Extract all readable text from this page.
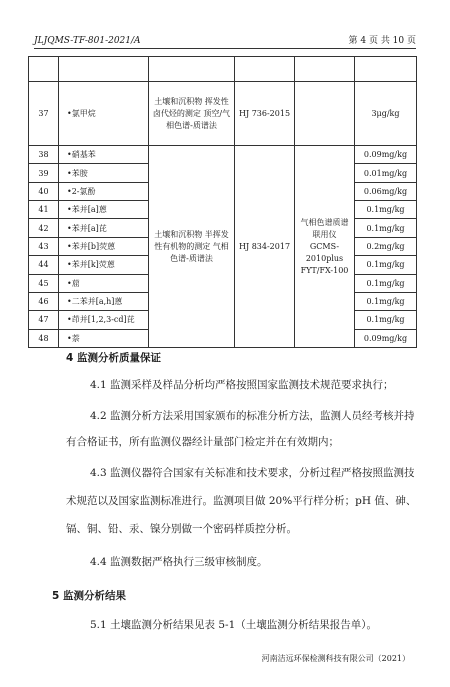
JLJQMS-TF-801-2021/A	第 4 页 共 10 页

37	•氯甲烷	土壤和沉积物 挥发性卤代烃的测定 顶空/气相色谱-质谱法	HJ 736-2015		3μg/kg
38	•硝基苯	土壤和沉积物 半挥发性有机物的测定 气相色谱-质谱法	HJ 834-2017	气相色谱质谱联用仪 GCMS-2010plus FYT/FX-100	0.09mg/kg
39	•苯胺				0.01mg/kg
40	•2-氯酚				0.06mg/kg
41	•苯并[a]蒽				0.1mg/kg
42	•苯并[a]芘				0.1mg/kg
43	•苯并[b]荧蒽				0.2mg/kg
44	•苯并[k]荧蒽				0.1mg/kg
45	•䓛				0.1mg/kg
46	•二苯并[a,h]蒽				0.1mg/kg
47	•茚并[1,2,3-cd]芘				0.1mg/kg
48	•萘				0.09mg/kg
4 监测分析质量保证
4.1 监测采样及样品分析均严格按照国家监测技术规范要求执行；
4.2 监测分析方法采用国家颁布的标准分析方法，监测人员经考核并持
有合格证书，所有监测仪器经计量部门检定并在有效期内；
4.3 监测仪器符合国家有关标准和技术要求，分析过程严格按照监测技
术规范以及国家监测标准进行。监测项目做 20%平行样分析；pH 值、砷、
镉、铜、铅、汞、镍分别做一个密码样质控分析。
4.4 监测数据严格执行三级审核制度。
5 监测分析结果
5.1 土壤监测分析结果见表 5-1（土壤监测分析结果报告单）。
河南洁远环保检测科技有限公司（2021）
